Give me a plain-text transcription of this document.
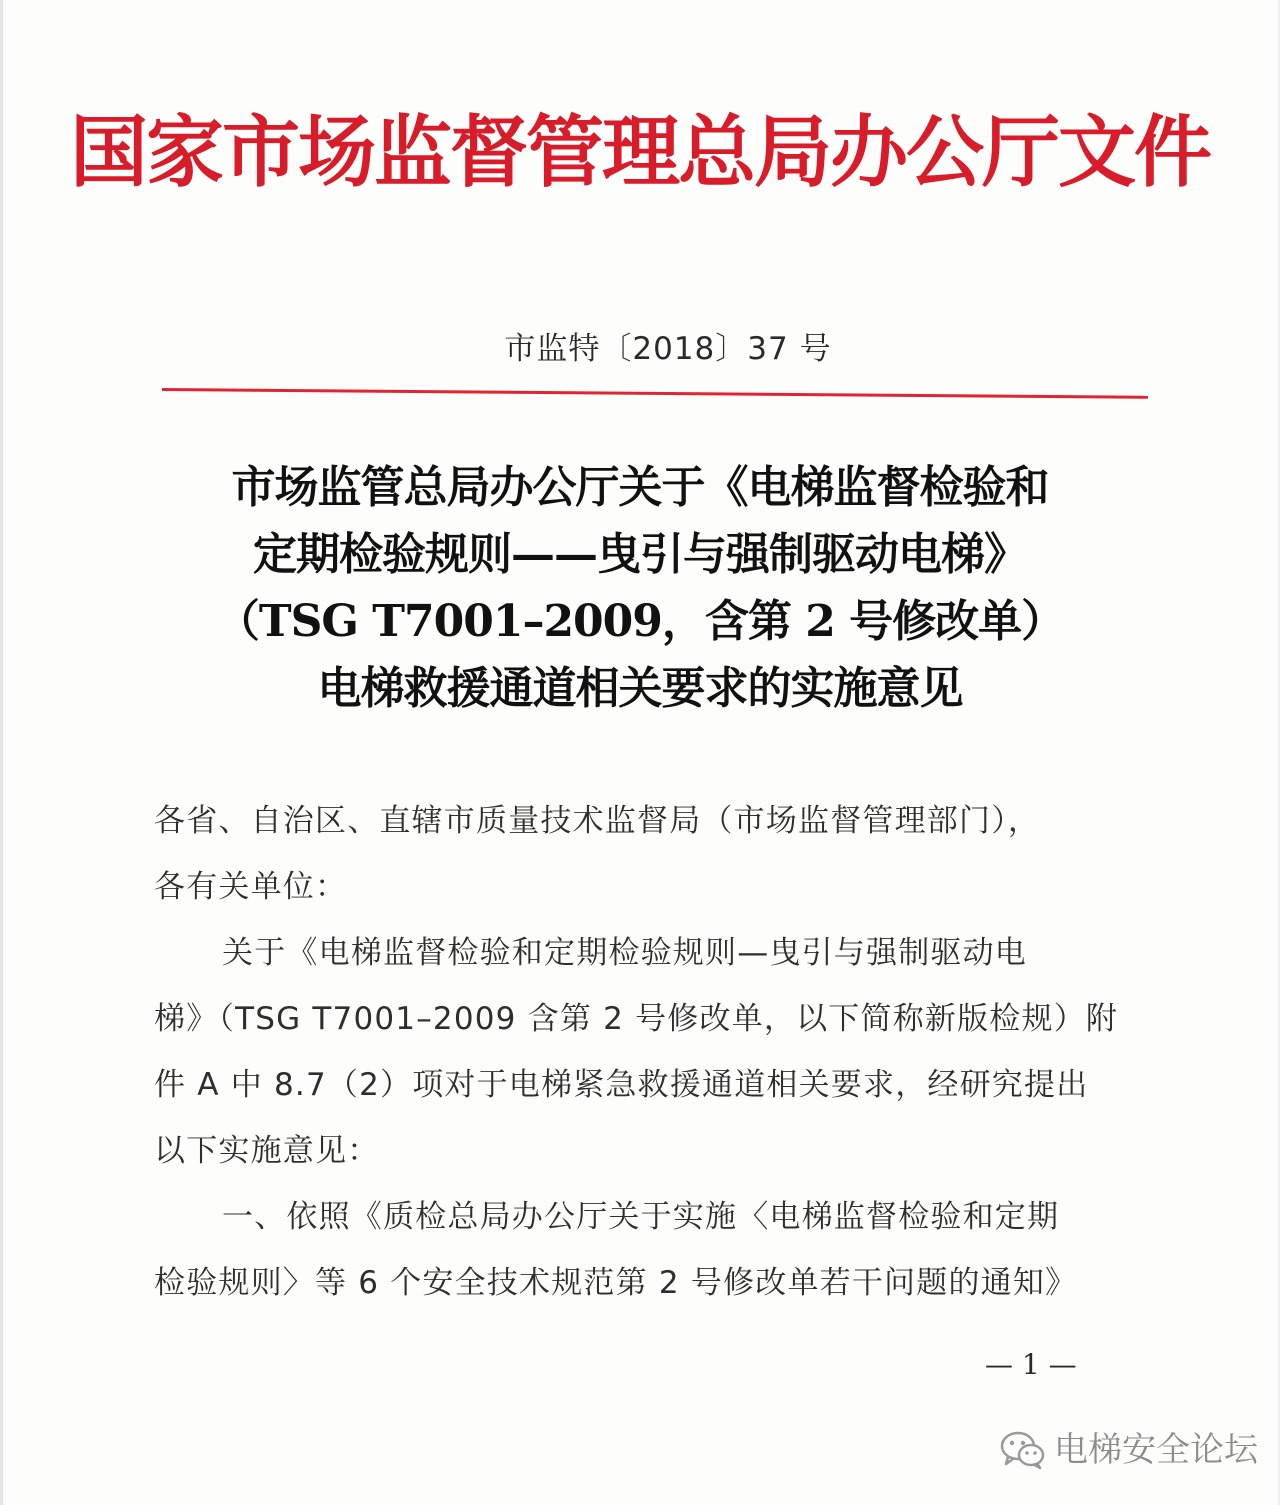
国家市场监督管理总局办公厅文件
市监特〔2018〕37 号
市场监管总局办公厅关于《电梯监督检验和
定期检验规则——曳引与强制驱动电梯》
（TSG T7001–2009，含第 2 号修改单）
电梯救援通道相关要求的实施意见
各省、自治区、直辖市质量技术监督局（市场监督管理部门），
各有关单位：
关于《电梯监督检验和定期检验规则—曳引与强制驱动电
梯》（TSG T7001–2009 含第 2 号修改单，以下简称新版检规）附
件 A 中 8.7（2）项对于电梯紧急救援通道相关要求，经研究提出
以下实施意见：
一、依照《质检总局办公厅关于实施〈电梯监督检验和定期
检验规则〉等 6 个安全技术规范第 2 号修改单若干问题的通知》
— 1 —
电梯安全论坛
